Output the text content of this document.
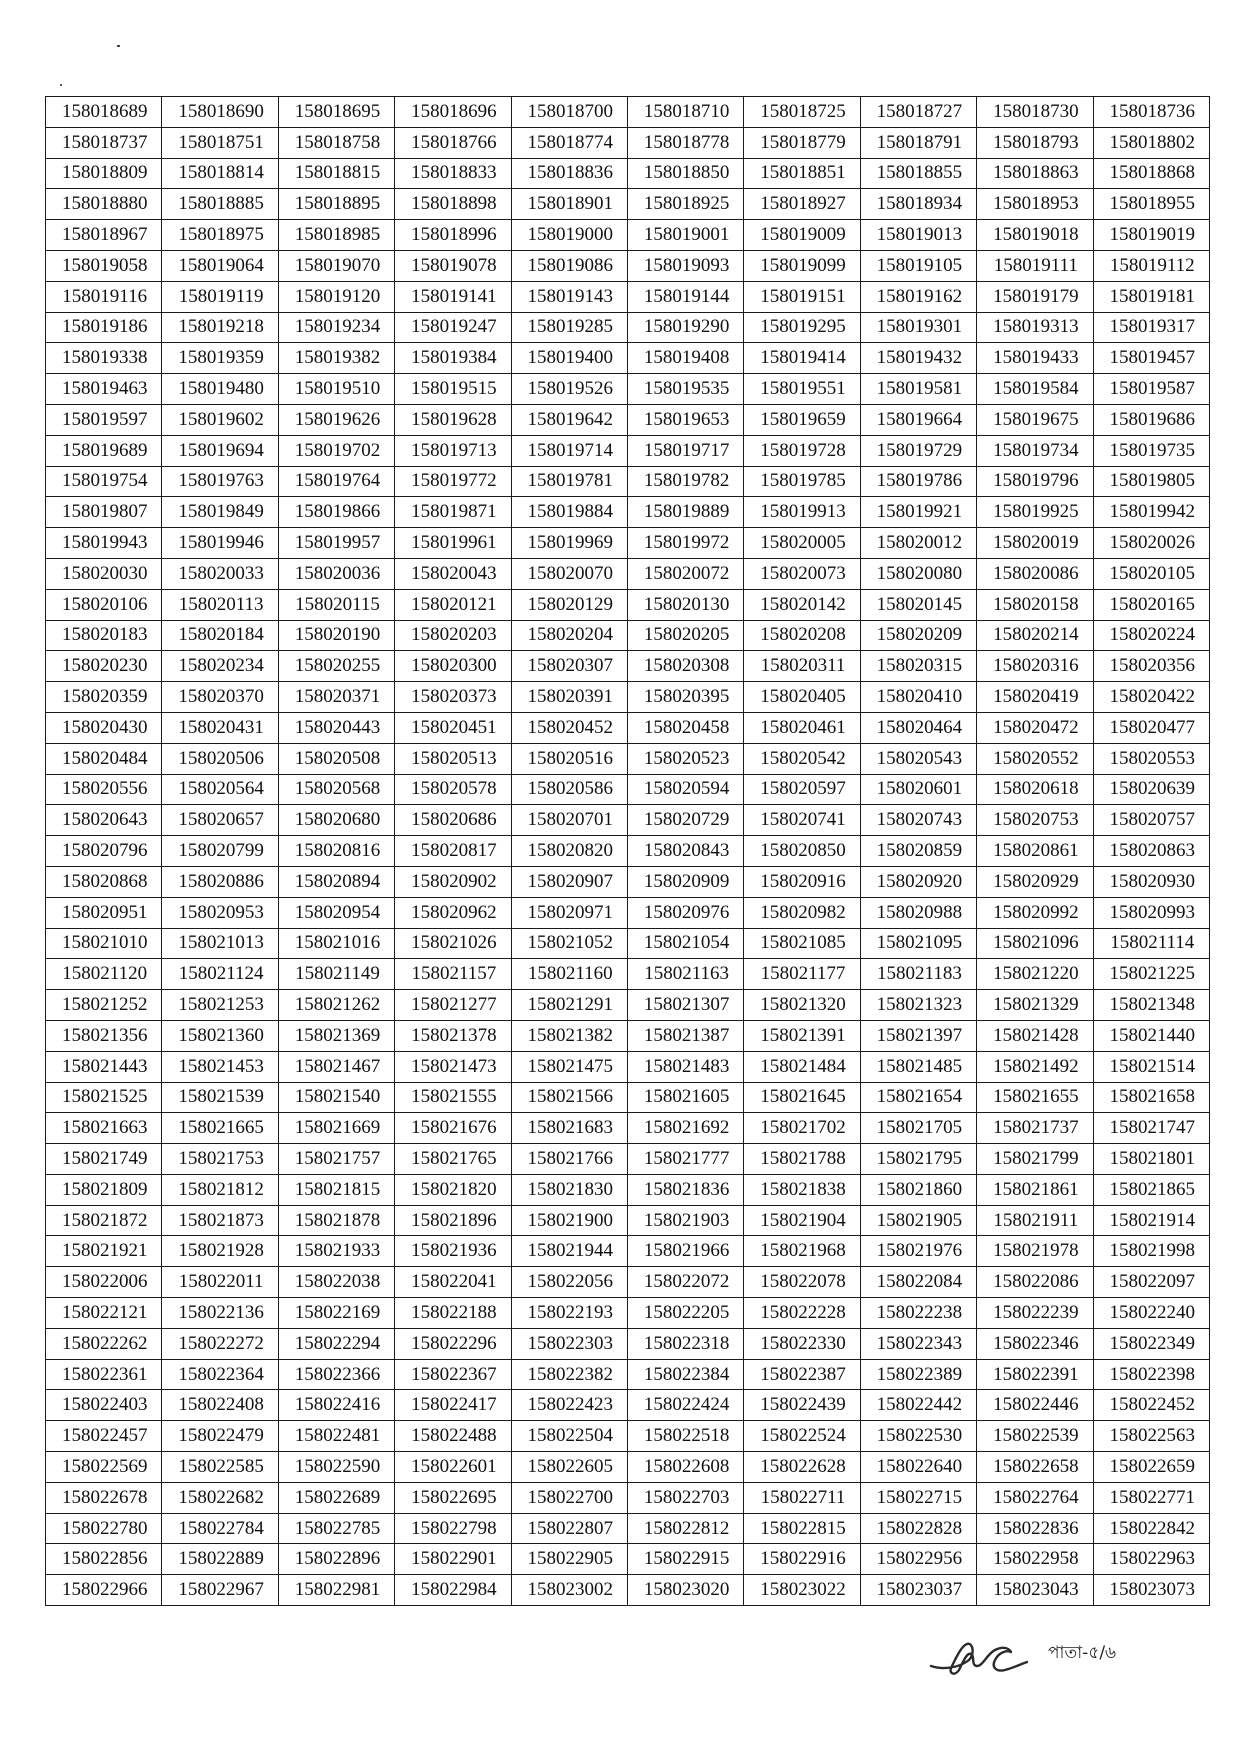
158018689	158018690	158018695	158018696	158018700	158018710	158018725	158018727	158018730	158018736
158018737	158018751	158018758	158018766	158018774	158018778	158018779	158018791	158018793	158018802
158018809	158018814	158018815	158018833	158018836	158018850	158018851	158018855	158018863	158018868
158018880	158018885	158018895	158018898	158018901	158018925	158018927	158018934	158018953	158018955
158018967	158018975	158018985	158018996	158019000	158019001	158019009	158019013	158019018	158019019
158019058	158019064	158019070	158019078	158019086	158019093	158019099	158019105	158019111	158019112
158019116	158019119	158019120	158019141	158019143	158019144	158019151	158019162	158019179	158019181
158019186	158019218	158019234	158019247	158019285	158019290	158019295	158019301	158019313	158019317
158019338	158019359	158019382	158019384	158019400	158019408	158019414	158019432	158019433	158019457
158019463	158019480	158019510	158019515	158019526	158019535	158019551	158019581	158019584	158019587
158019597	158019602	158019626	158019628	158019642	158019653	158019659	158019664	158019675	158019686
158019689	158019694	158019702	158019713	158019714	158019717	158019728	158019729	158019734	158019735
158019754	158019763	158019764	158019772	158019781	158019782	158019785	158019786	158019796	158019805
158019807	158019849	158019866	158019871	158019884	158019889	158019913	158019921	158019925	158019942
158019943	158019946	158019957	158019961	158019969	158019972	158020005	158020012	158020019	158020026
158020030	158020033	158020036	158020043	158020070	158020072	158020073	158020080	158020086	158020105
158020106	158020113	158020115	158020121	158020129	158020130	158020142	158020145	158020158	158020165
158020183	158020184	158020190	158020203	158020204	158020205	158020208	158020209	158020214	158020224
158020230	158020234	158020255	158020300	158020307	158020308	158020311	158020315	158020316	158020356
158020359	158020370	158020371	158020373	158020391	158020395	158020405	158020410	158020419	158020422
158020430	158020431	158020443	158020451	158020452	158020458	158020461	158020464	158020472	158020477
158020484	158020506	158020508	158020513	158020516	158020523	158020542	158020543	158020552	158020553
158020556	158020564	158020568	158020578	158020586	158020594	158020597	158020601	158020618	158020639
158020643	158020657	158020680	158020686	158020701	158020729	158020741	158020743	158020753	158020757
158020796	158020799	158020816	158020817	158020820	158020843	158020850	158020859	158020861	158020863
158020868	158020886	158020894	158020902	158020907	158020909	158020916	158020920	158020929	158020930
158020951	158020953	158020954	158020962	158020971	158020976	158020982	158020988	158020992	158020993
158021010	158021013	158021016	158021026	158021052	158021054	158021085	158021095	158021096	158021114
158021120	158021124	158021149	158021157	158021160	158021163	158021177	158021183	158021220	158021225
158021252	158021253	158021262	158021277	158021291	158021307	158021320	158021323	158021329	158021348
158021356	158021360	158021369	158021378	158021382	158021387	158021391	158021397	158021428	158021440
158021443	158021453	158021467	158021473	158021475	158021483	158021484	158021485	158021492	158021514
158021525	158021539	158021540	158021555	158021566	158021605	158021645	158021654	158021655	158021658
158021663	158021665	158021669	158021676	158021683	158021692	158021702	158021705	158021737	158021747
158021749	158021753	158021757	158021765	158021766	158021777	158021788	158021795	158021799	158021801
158021809	158021812	158021815	158021820	158021830	158021836	158021838	158021860	158021861	158021865
158021872	158021873	158021878	158021896	158021900	158021903	158021904	158021905	158021911	158021914
158021921	158021928	158021933	158021936	158021944	158021966	158021968	158021976	158021978	158021998
158022006	158022011	158022038	158022041	158022056	158022072	158022078	158022084	158022086	158022097
158022121	158022136	158022169	158022188	158022193	158022205	158022228	158022238	158022239	158022240
158022262	158022272	158022294	158022296	158022303	158022318	158022330	158022343	158022346	158022349
158022361	158022364	158022366	158022367	158022382	158022384	158022387	158022389	158022391	158022398
158022403	158022408	158022416	158022417	158022423	158022424	158022439	158022442	158022446	158022452
158022457	158022479	158022481	158022488	158022504	158022518	158022524	158022530	158022539	158022563
158022569	158022585	158022590	158022601	158022605	158022608	158022628	158022640	158022658	158022659
158022678	158022682	158022689	158022695	158022700	158022703	158022711	158022715	158022764	158022771
158022780	158022784	158022785	158022798	158022807	158022812	158022815	158022828	158022836	158022842
158022856	158022889	158022896	158022901	158022905	158022915	158022916	158022956	158022958	158022963
158022966	158022967	158022981	158022984	158023002	158023020	158023022	158023037	158023043	158023073
পাতা-৫/৬
